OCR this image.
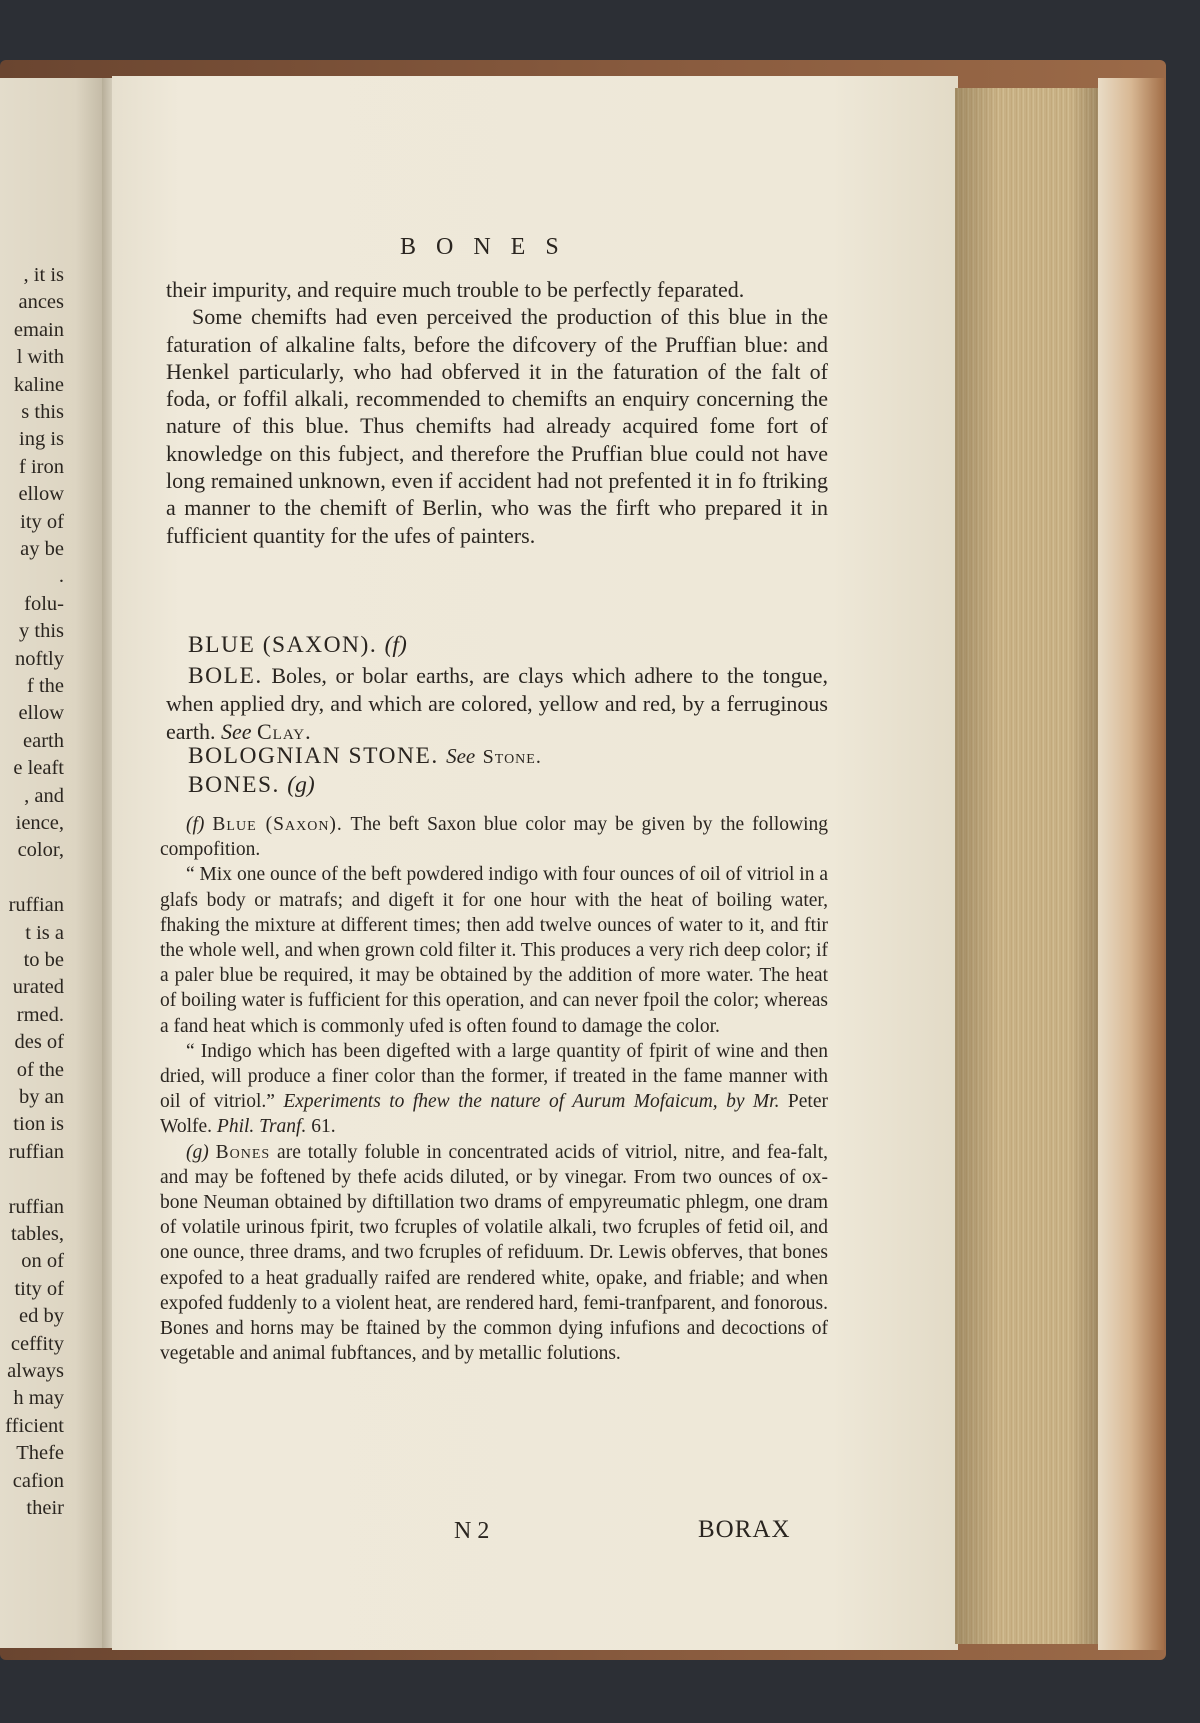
, it is
ances
emain
l with
kaline
s this
ing is
f iron
ellow
ity of
ay be
.
folu-
y this
noftly
f the
ellow
earth
e leaft
, and
ience,
color,
ruffian
t is a
to be
urated
rmed.
des of
of the
by an
tion is
ruffian
ruffian
tables,
on of
tity of
ed by
ceffity
always
h may
fficient
Thefe
cafion
their
BONES

their impurity, and require much trouble to be perfectly feparated.

Some chemifts had even perceived the production of this blue in the faturation of alkaline falts, before the difcovery of the Pruffian blue: and Henkel particularly, who had obferved it in the faturation of the falt of foda, or foffil alkali, recommended to chemifts an enquiry concerning the nature of this blue. Thus chemifts had already acquired fome fort of knowledge on this fubject, and therefore the Pruffian blue could not have long remained unknown, even if accident had not prefented it in fo ftriking a manner to the chemift of Berlin, who was the firft who prepared it in fufficient quantity for the ufes of painters.

BLUE (SAXON). (f)
BOLE. Boles, or bolar earths, are clays which adhere to the tongue, when applied dry, and which are colored, yellow and red, by a ferruginous earth. See Clay.
BOLOGNIAN STONE. See Stone.
BONES. (g)

(f) Blue (Saxon). The beft Saxon blue color may be given by the following compofition.

“ Mix one ounce of the beft powdered indigo with four ounces of oil of vitriol in a glafs body or matrafs; and digeft it for one hour with the heat of boiling water, fhaking the mixture at different times; then add twelve ounces of water to it, and ftir the whole well, and when grown cold filter it. This produces a very rich deep color; if a paler blue be required, it may be obtained by the addition of more water. The heat of boiling water is fufficient for this operation, and can never fpoil the color; whereas a fand heat which is commonly ufed is often found to damage the color.

“ Indigo which has been digefted with a large quantity of fpirit of wine and then dried, will produce a finer color than the former, if treated in the fame manner with oil of vitriol.” Experiments to fhew the nature of Aurum Mofaicum, by Mr. Peter Wolfe. Phil. Tranf. 61.

(g) Bones are totally foluble in concentrated acids of vitriol, nitre, and fea-falt, and may be foftened by thefe acids diluted, or by vinegar. From two ounces of ox-bone Neuman obtained by diftillation two drams of empyreumatic phlegm, one dram of volatile urinous fpirit, two fcruples of volatile alkali, two fcruples of fetid oil, and one ounce, three drams, and two fcruples of refiduum. Dr. Lewis obferves, that bones expofed to a heat gradually raifed are rendered white, opake, and friable; and when expofed fuddenly to a violent heat, are rendered hard, femi-tranfparent, and fonorous. Bones and horns may be ftained by the common dying infufions and decoctions of vegetable and animal fubftances, and by metallic folutions.

N 2	BORAX
